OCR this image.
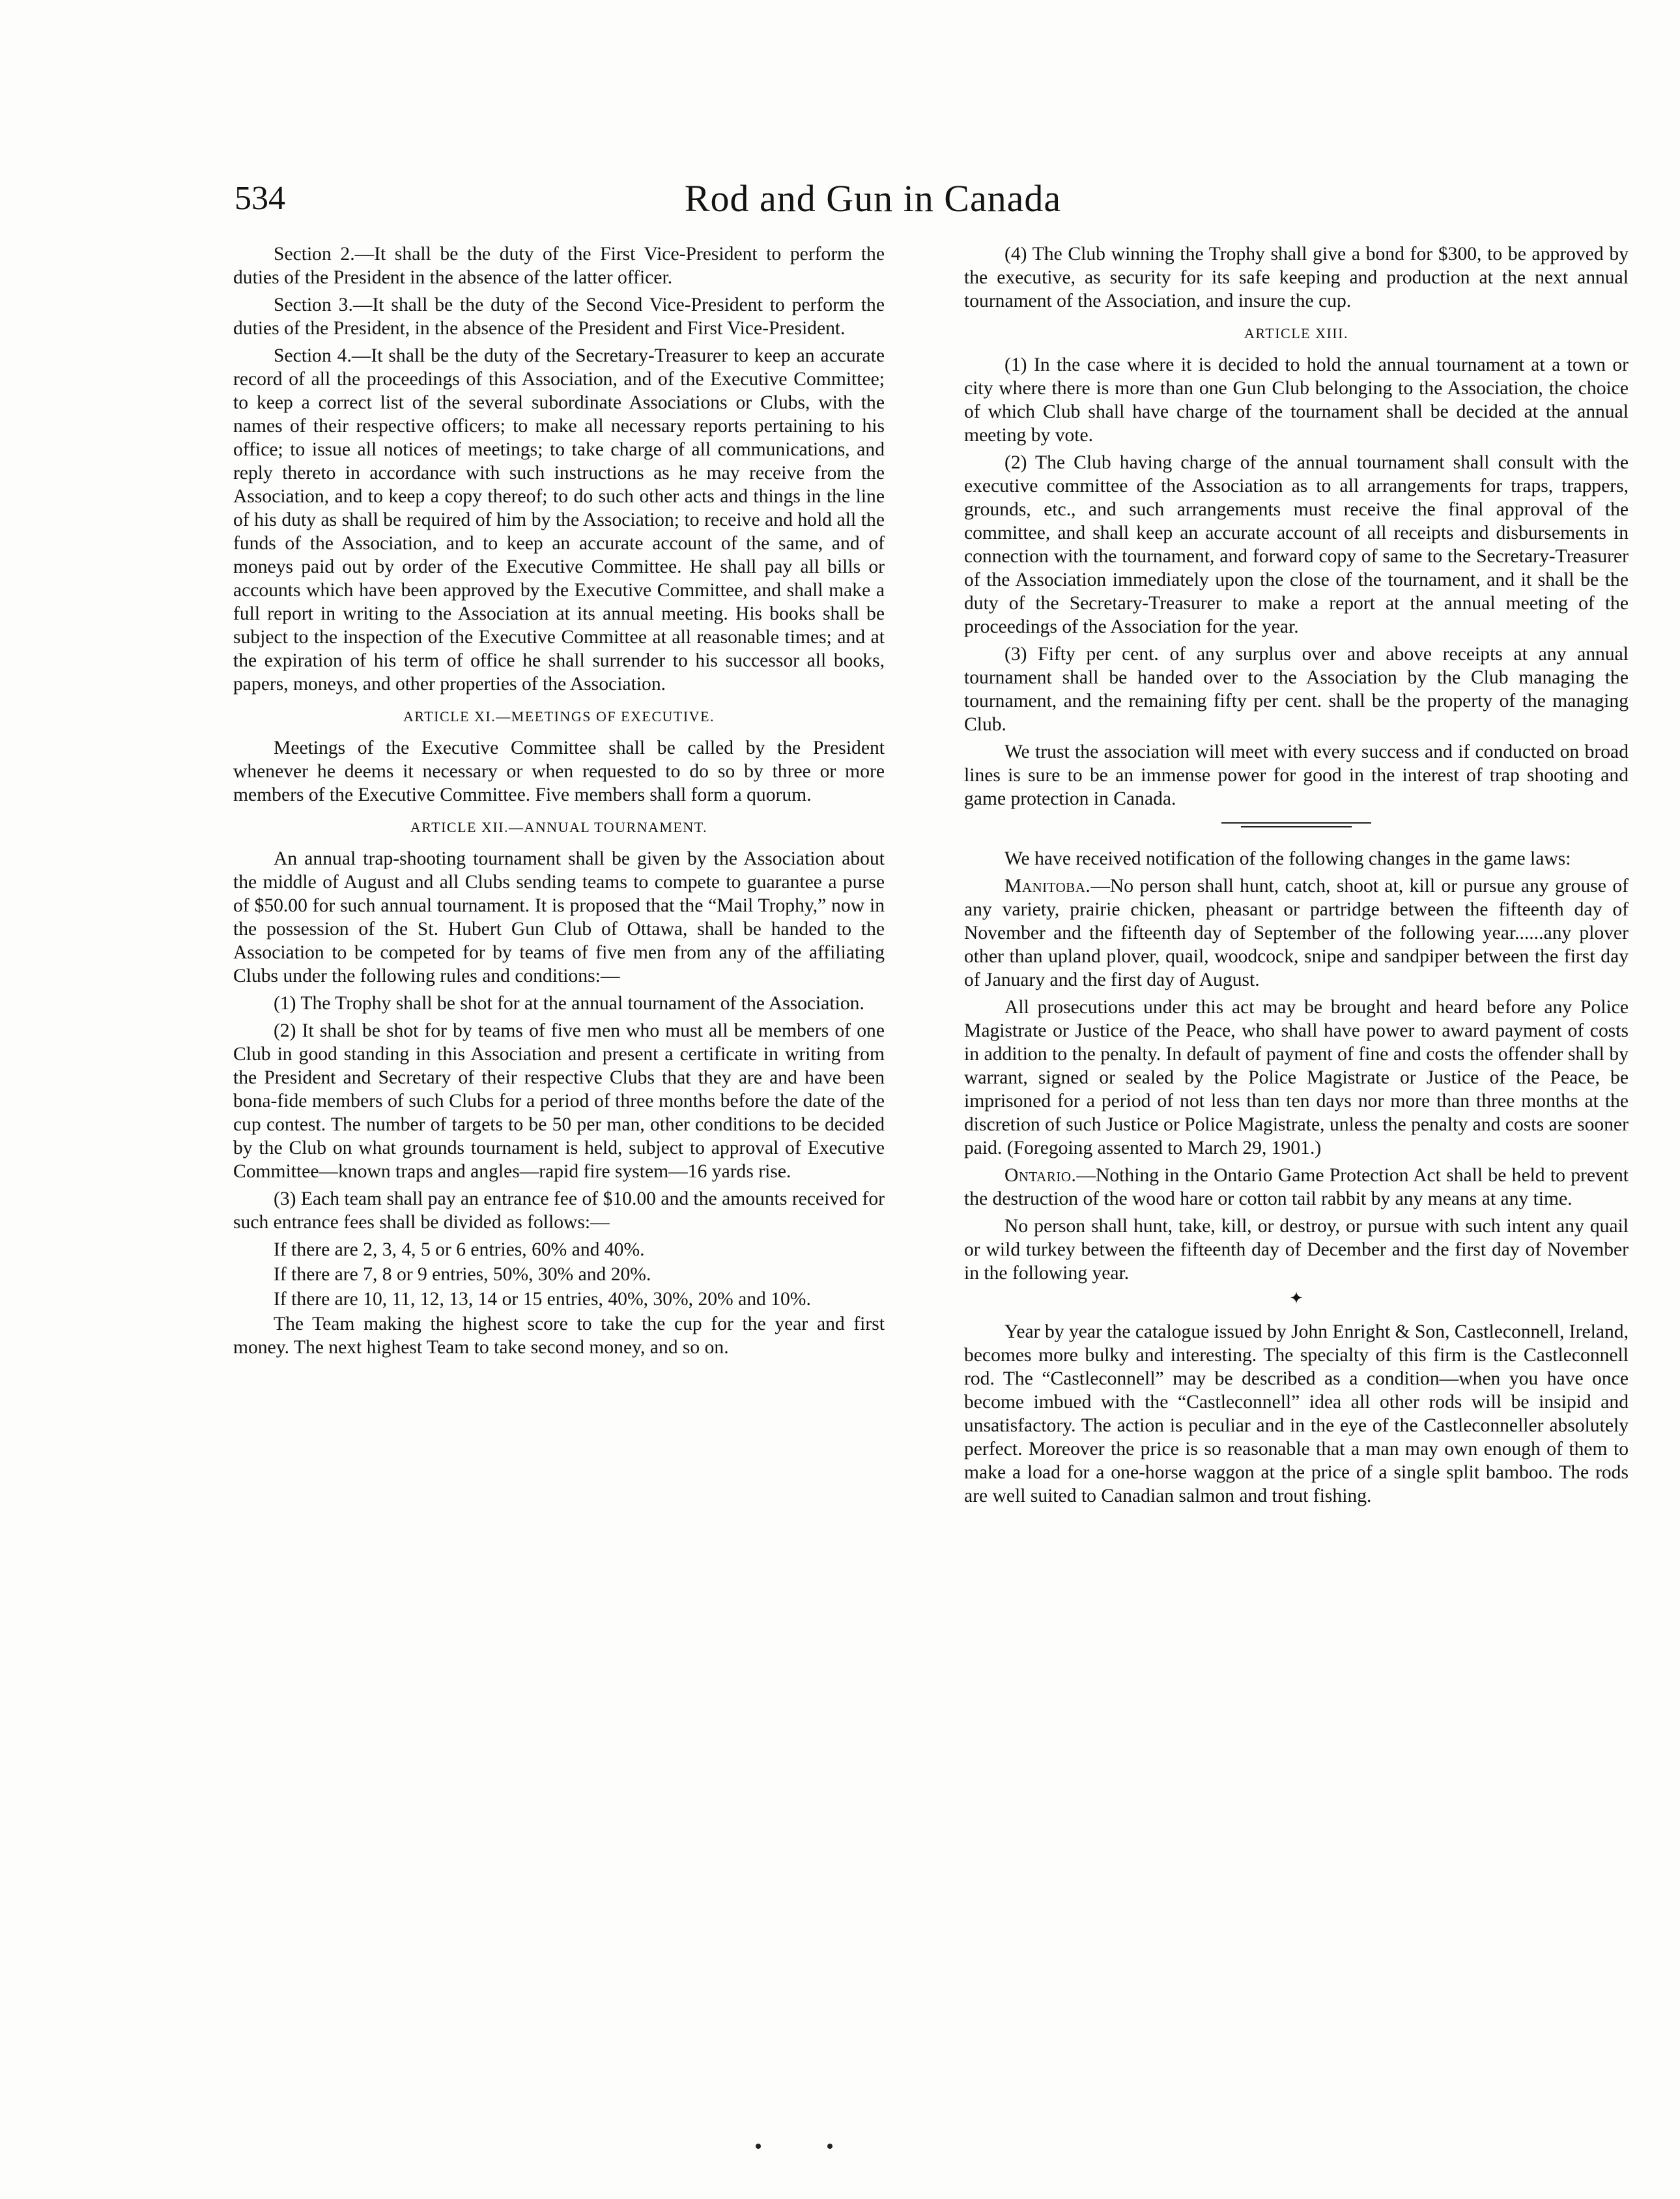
534	Rod and Gun in Canada

Section 2.—It shall be the duty of the First Vice-President to perform the duties of the President in the absence of the latter officer.

Section 3.—It shall be the duty of the Second Vice-President to perform the duties of the President, in the absence of the President and First Vice-President.

Section 4.—It shall be the duty of the Secretary-Treasurer to keep an accurate record of all the proceedings of this Association, and of the Executive Committee; to keep a correct list of the several subordinate Associations or Clubs, with the names of their respective officers; to make all necessary reports pertaining to his office; to issue all notices of meetings; to take charge of all communications, and reply thereto in accordance with such instructions as he may receive from the Association, and to keep a copy thereof; to do such other acts and things in the line of his duty as shall be required of him by the Association; to receive and hold all the funds of the Association, and to keep an accurate account of the same, and of moneys paid out by order of the Executive Committee. He shall pay all bills or accounts which have been approved by the Executive Committee, and shall make a full report in writing to the Association at its annual meeting. His books shall be subject to the inspection of the Executive Committee at all reasonable times; and at the expiration of his term of office he shall surrender to his successor all books, papers, moneys, and other properties of the Association.

ARTICLE XI.—MEETINGS OF EXECUTIVE.

Meetings of the Executive Committee shall be called by the President whenever he deems it necessary or when requested to do so by three or more members of the Executive Committee. Five members shall form a quorum.

ARTICLE XII.—ANNUAL TOURNAMENT.

An annual trap-shooting tournament shall be given by the Association about the middle of August and all Clubs sending teams to compete to guarantee a purse of $50.00 for such annual tournament. It is proposed that the “Mail Trophy,” now in the possession of the St. Hubert Gun Club of Ottawa, shall be handed to the Association to be competed for by teams of five men from any of the affiliating Clubs under the following rules and conditions:—

(1) The Trophy shall be shot for at the annual tournament of the Association.

(2) It shall be shot for by teams of five men who must all be members of one Club in good standing in this Association and present a certificate in writing from the President and Secretary of their respective Clubs that they are and have been bona-fide members of such Clubs for a period of three months before the date of the cup contest. The number of targets to be 50 per man, other conditions to be decided by the Club on what grounds tournament is held, subject to approval of Executive Committee—known traps and angles—rapid fire system—16 yards rise.

(3) Each team shall pay an entrance fee of $10.00 and the amounts received for such entrance fees shall be divided as follows:—

If there are 2, 3, 4, 5 or 6 entries, 60% and 40%.

If there are 7, 8 or 9 entries, 50%, 30% and 20%.

If there are 10, 11, 12, 13, 14 or 15 entries, 40%, 30%, 20% and 10%.

The Team making the highest score to take the cup for the year and first money. The next highest Team to take second money, and so on.

(4) The Club winning the Trophy shall give a bond for $300, to be approved by the executive, as security for its safe keeping and production at the next annual tournament of the Association, and insure the cup.

ARTICLE XIII.

(1) In the case where it is decided to hold the annual tournament at a town or city where there is more than one Gun Club belonging to the Association, the choice of which Club shall have charge of the tournament shall be decided at the annual meeting by vote.

(2) The Club having charge of the annual tournament shall consult with the executive committee of the Association as to all arrangements for traps, trappers, grounds, etc., and such arrangements must receive the final approval of the committee, and shall keep an accurate account of all receipts and disbursements in connection with the tournament, and forward copy of same to the Secretary-Treasurer of the Association immediately upon the close of the tournament, and it shall be the duty of the Secretary-Treasurer to make a report at the annual meeting of the proceedings of the Association for the year.

(3) Fifty per cent. of any surplus over and above receipts at any annual tournament shall be handed over to the Association by the Club managing the tournament, and the remaining fifty per cent. shall be the property of the managing Club.

We trust the association will meet with every success and if conducted on broad lines is sure to be an immense power for good in the interest of trap shooting and game protection in Canada.

We have received notification of the following changes in the game laws:

Manitoba.—No person shall hunt, catch, shoot at, kill or pursue any grouse of any variety, prairie chicken, pheasant or partridge between the fifteenth day of November and the fifteenth day of September of the following year......any plover other than upland plover, quail, woodcock, snipe and sandpiper between the first day of January and the first day of August.

All prosecutions under this act may be brought and heard before any Police Magistrate or Justice of the Peace, who shall have power to award payment of costs in addition to the penalty. In default of payment of fine and costs the offender shall by warrant, signed or sealed by the Police Magistrate or Justice of the Peace, be imprisoned for a period of not less than ten days nor more than three months at the discretion of such Justice or Police Magistrate, unless the penalty and costs are sooner paid. (Foregoing assented to March 29, 1901.)

Ontario.—Nothing in the Ontario Game Protection Act shall be held to prevent the destruction of the wood hare or cotton tail rabbit by any means at any time.

No person shall hunt, take, kill, or destroy, or pursue with such intent any quail or wild turkey between the fifteenth day of December and the first day of November in the following year.

✦

Year by year the catalogue issued by John Enright & Son, Castleconnell, Ireland, becomes more bulky and interesting. The specialty of this firm is the Castleconnell rod. The “Castleconnell” may be described as a condition—when you have once become imbued with the “Castleconnell” idea all other rods will be insipid and unsatisfactory. The action is peculiar and in the eye of the Castleconneller absolutely perfect. Moreover the price is so reasonable that a man may own enough of them to make a load for a one-horse waggon at the price of a single split bamboo. The rods are well suited to Canadian salmon and trout fishing.
